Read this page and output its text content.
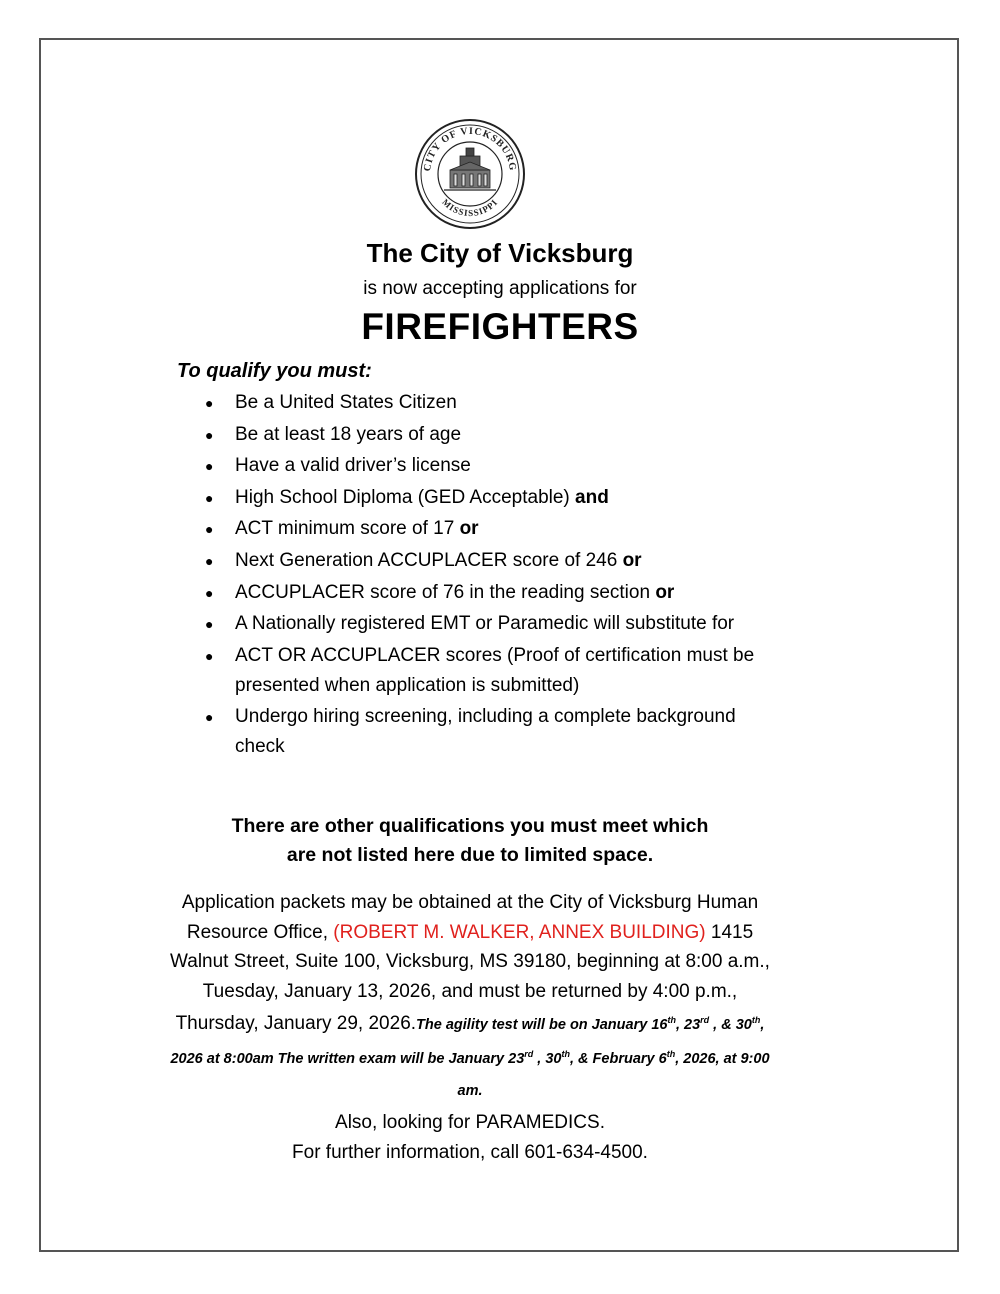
CITY OF VICKSBURG
MISSISSIPPI
The City of Vicksburg
is now accepting applications for
FIREFIGHTERS
To qualify you must:
● Be a United States Citizen
● Be at least 18 years of age
● Have a valid driver’s license
● High School Diploma (GED Acceptable) and
● ACT minimum score of 17 or
● Next Generation ACCUPLACER score of 246 or
● ACCUPLACER score of 76 in the reading section or
● A Nationally registered EMT or Paramedic will substitute for
● ACT OR ACCUPLACER scores (Proof of certification must be presented when application is submitted)
● Undergo hiring screening, including a complete background check
There are other qualifications you must meet which
are not listed here due to limited space.
Application packets may be obtained at the City of Vicksburg Human Resource Office, (ROBERT M. WALKER, ANNEX BUILDING) 1415 Walnut Street, Suite 100, Vicksburg, MS 39180, beginning at 8:00 a.m., Tuesday, January 13, 2026, and must be returned by 4:00 p.m., Thursday, January 29, 2026.The agility test will be on January 16th, 23rd , & 30th, 2026 at 8:00am The written exam will be January 23rd , 30th, & February 6th, 2026, at 9:00 am.
Also, looking for PARAMEDICS.
For further information, call 601-634-4500.
